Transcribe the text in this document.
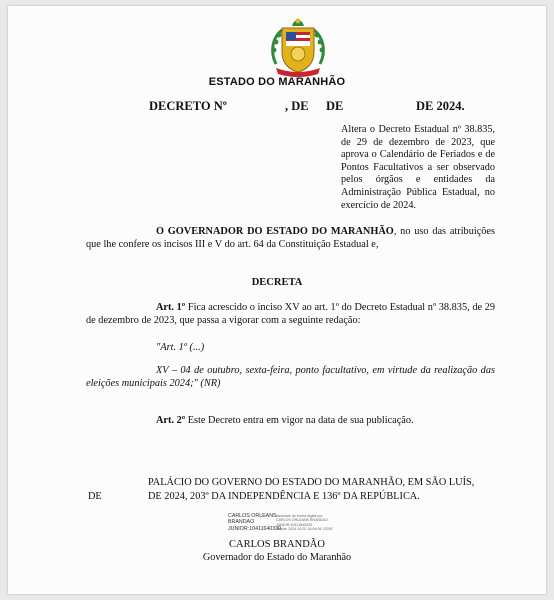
ESTADO DO MARANHÃO
DECRETO Nº	, DE DE	DE 2024.
Altera o Decreto Estadual nº 38.835, de 29 de dezembro de 2023, que aprova o Calendário de Feriados e de Pontos Facultativos a ser observado pelos órgãos e entidades da Administração Pública Estadual, no exercício de 2024.
O GOVERNADOR DO ESTADO DO MARANHÃO, no uso das atribuições que lhe confere os incisos III e V do art. 64 da Constituição Estadual e,
DECRETA
Art. 1º Fica acrescido o inciso XV ao art. 1º do Decreto Estadual nº 38.835, de 29 de dezembro de 2023, que passa a vigorar com a seguinte redação:
"Art. 1º (...)
XV – 04 de outubro, sexta-feira, ponto facultativo, em virtude da realização das eleições municipais 2024;" (NR)
Art. 2º Este Decreto entra em vigor na data de sua publicação.
PALÁCIO DO GOVERNO DO ESTADO DO MARANHÃO, EM SÃO LUÍS,
DE	DE 2024, 203º DA INDEPENDÊNCIA E 136º DA REPÚBLICA.
CARLOS ORLEANS
BRANDAO
JUNIOR:10411640330
Assinado de forma digital por
CARLOS ORLEANS BRANDAO
JUNIOR:10411640330
Dados: 2024.10.02 16:04:08 -03'00'
CARLOS BRANDÃO
Governador do Estado do Maranhão
